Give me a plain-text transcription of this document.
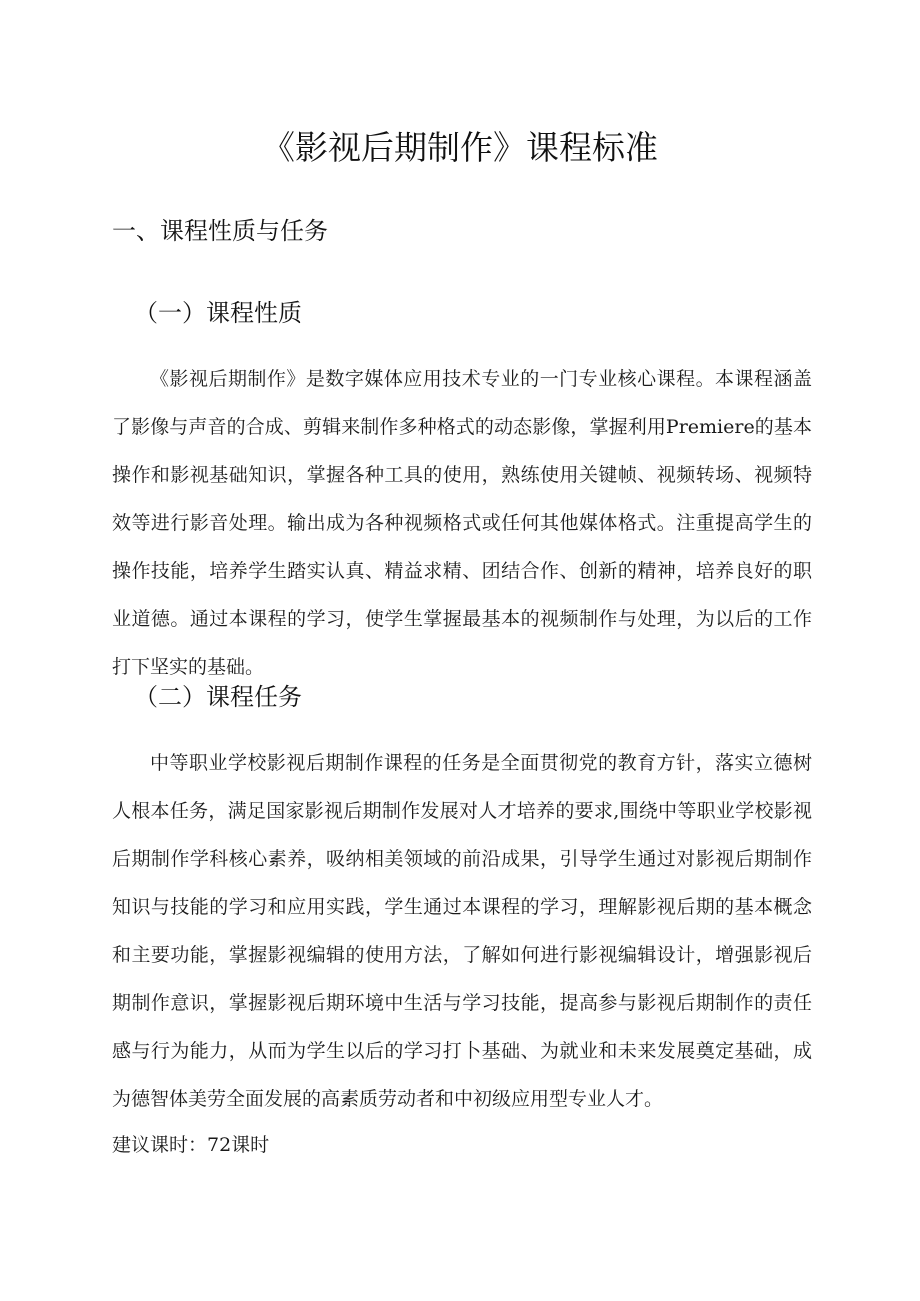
《影视后期制作》课程标准
一、课程性质与任务
（一）课程性质

《影视后期制作》是数字媒体应用技术专业的一门专业核心课程。本课程涵盖了影像与声音的合成、剪辑来制作多种格式的动态影像，掌握利用Premiere的基本操作和影视基础知识，掌握各种工具的使用，熟练使用关键帧、视频转场、视频特效等进行影音处理。输出成为各种视频格式或任何其他媒体格式。注重提高学生的操作技能，培养学生踏实认真、精益求精、团结合作、创新的精神，培养良好的职业道德。通过本课程的学习，使学生掌握最基本的视频制作与处理，为以后的工作打下坚实的基础。

（二）课程任务

中等职业学校影视后期制作课程的任务是全面贯彻党的教育方针，落实立德树人根本任务，满足国家影视后期制作发展对人才培养的要求,围绕中等职业学校影视后期制作学科核心素养，吸纳相美领域的前沿成果，引导学生通过对影视后期制作知识与技能的学习和应用实践，学生通过本课程的学习，理解影视后期的基本概念和主要功能，掌握影视编辑的使用方法，了解如何进行影视编辑设计，增强影视后期制作意识，掌握影视后期环境中生活与学习技能，提高参与影视后期制作的责任感与行为能力，从而为学生以后的学习打卜基础、为就业和未来发展奠定基础，成为德智体美劳全面发展的高素质劳动者和中初级应用型专业人才。

建议课时：72课时
